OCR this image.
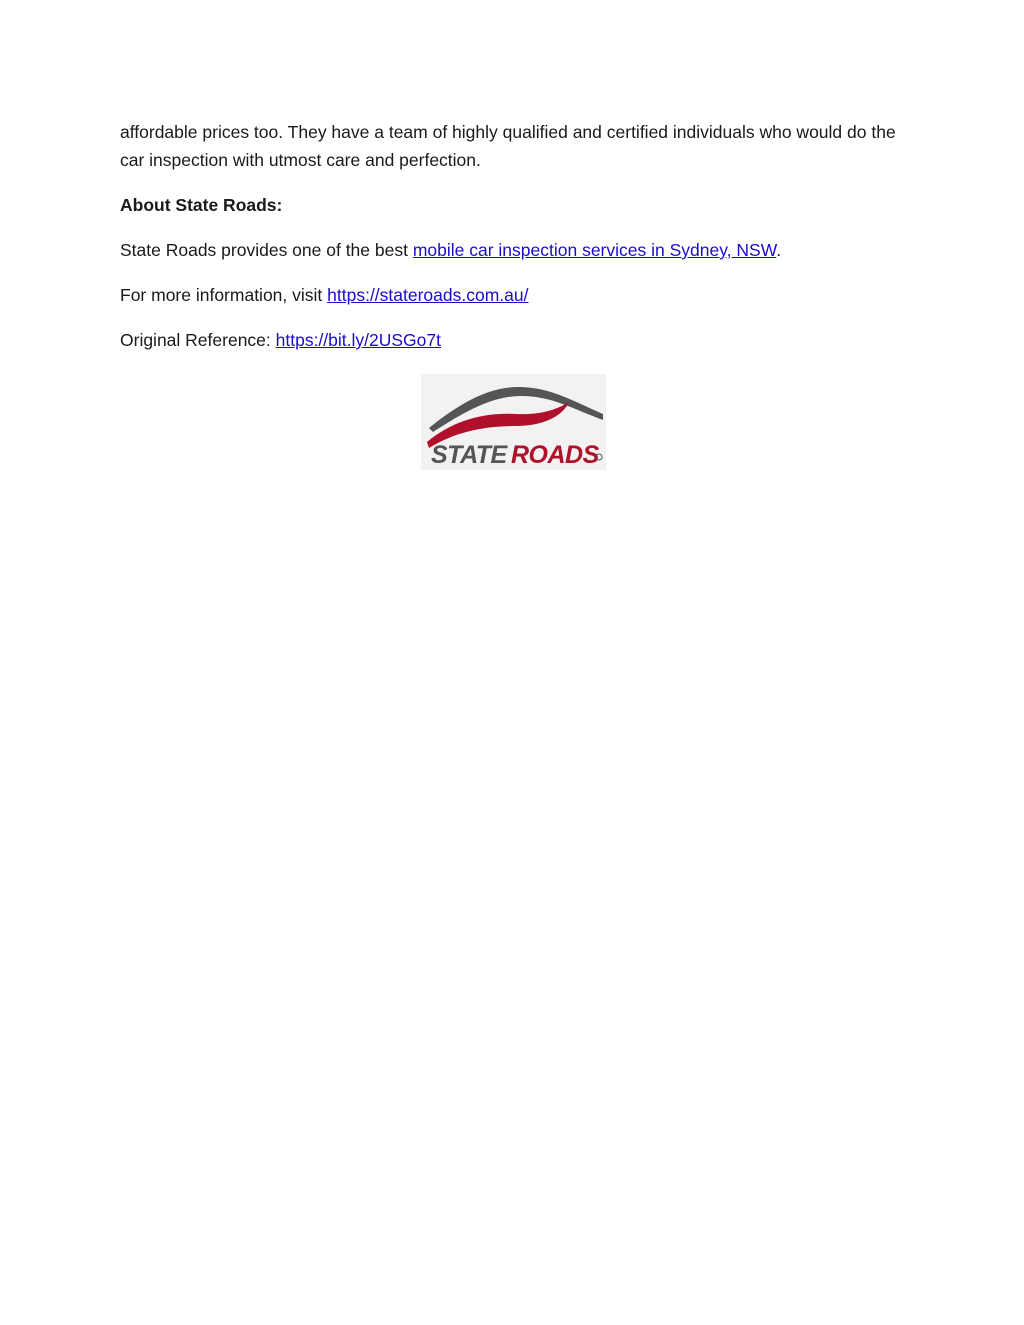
affordable prices too. They have a team of highly qualified and certified individuals who would do the car inspection with utmost care and perfection.

About State Roads:

State Roads provides one of the best mobile car inspection services in Sydney, NSW.

For more information, visit https://stateroads.com.au/

Original Reference: https://bit.ly/2USGo7t

STATE ROADS
